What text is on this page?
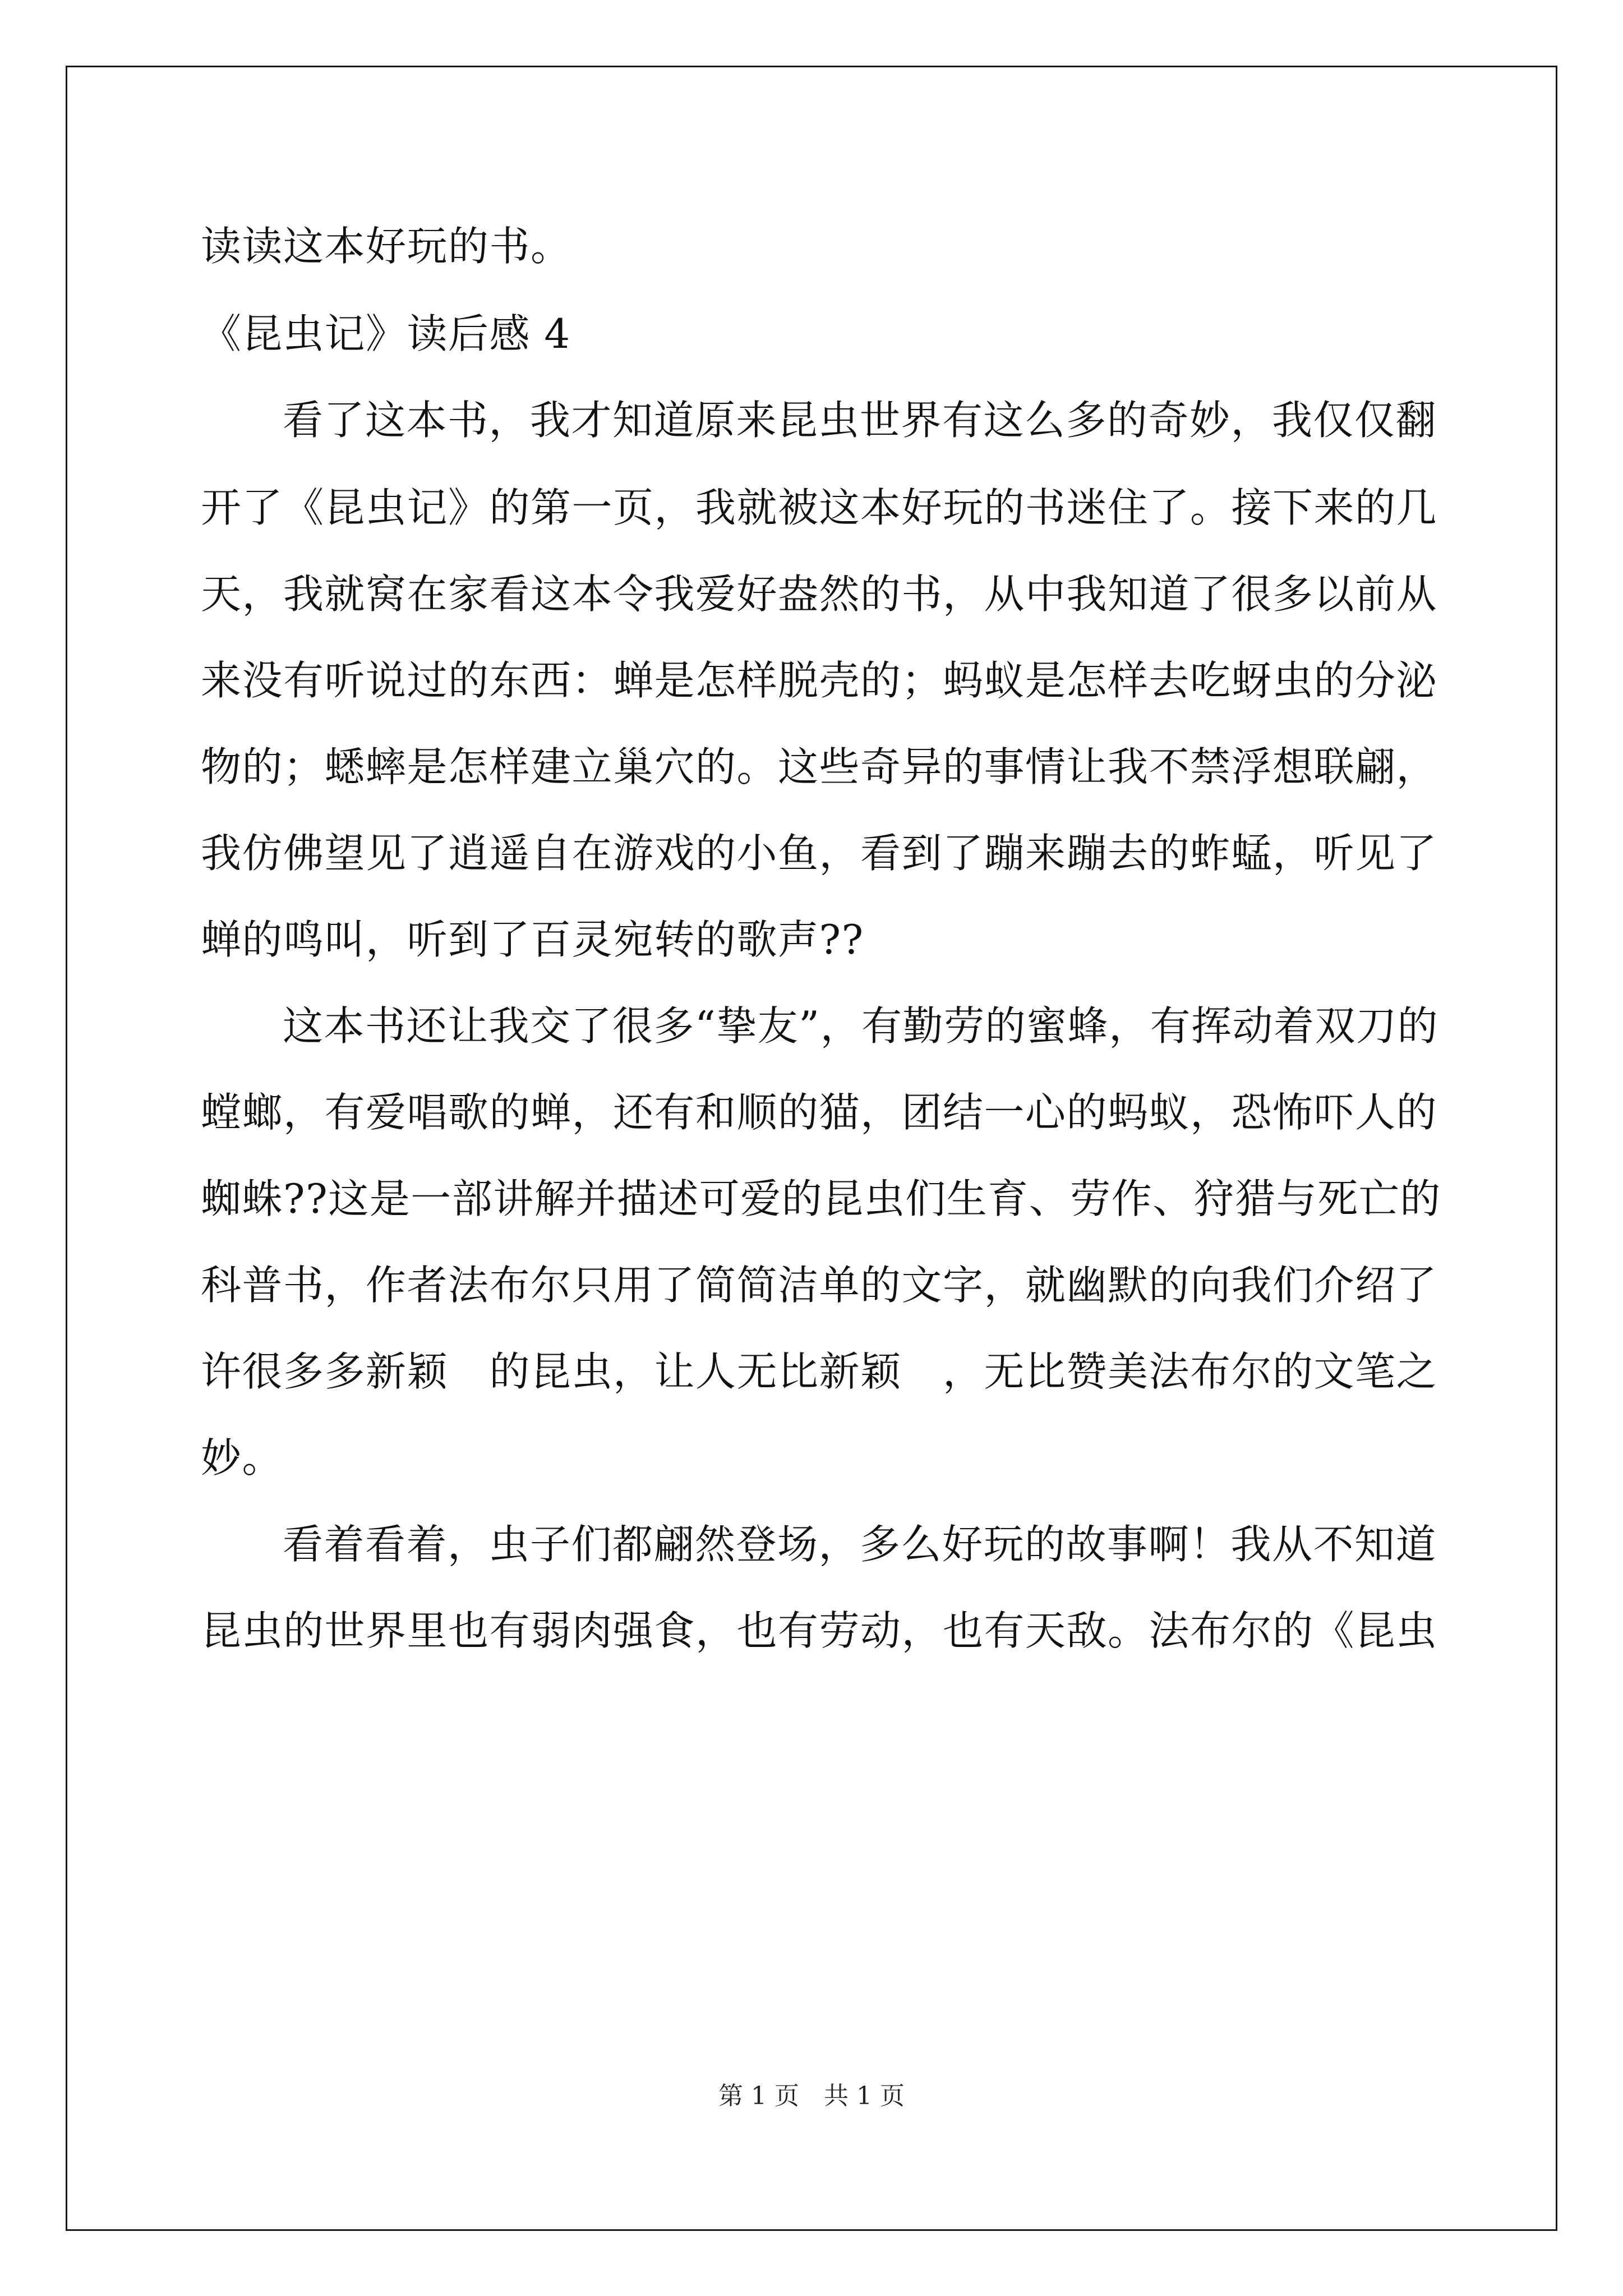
读读这本好玩的书。
《昆虫记》读后感 4
看了这本书，我才知道原来昆虫世界有这么多的奇妙，我仅仅翻
开了《昆虫记》的第一页，我就被这本好玩的书迷住了。接下来的几
天，我就窝在家看这本令我爱好盎然的书，从中我知道了很多以前从
来没有听说过的东西：蝉是怎样脱壳的；蚂蚁是怎样去吃蚜虫的分泌
物的；蟋蟀是怎样建立巢穴的。这些奇异的事情让我不禁浮想联翩，
我仿佛望见了逍遥自在游戏的小鱼，看到了蹦来蹦去的蚱蜢，听见了
蝉的鸣叫，听到了百灵宛转的歌声??
这本书还让我交了很多“挚友”，有勤劳的蜜蜂，有挥动着双刀的
螳螂，有爱唱歌的蝉，还有和顺的猫，团结一心的蚂蚁，恐怖吓人的
蜘蛛??这是一部讲解并描述可爱的昆虫们生育、劳作、狩猎与死亡的
科普书，作者法布尔只用了简简洁单的文字，就幽默的向我们介绍了
许很多多新颖　的昆虫，让人无比新颖　，无比赞美法布尔的文笔之
妙。
看着看着，虫子们都翩然登场，多么好玩的故事啊！我从不知道
昆虫的世界里也有弱肉强食，也有劳动，也有天敌。法布尔的《昆虫
第 1 页　共 1 页
